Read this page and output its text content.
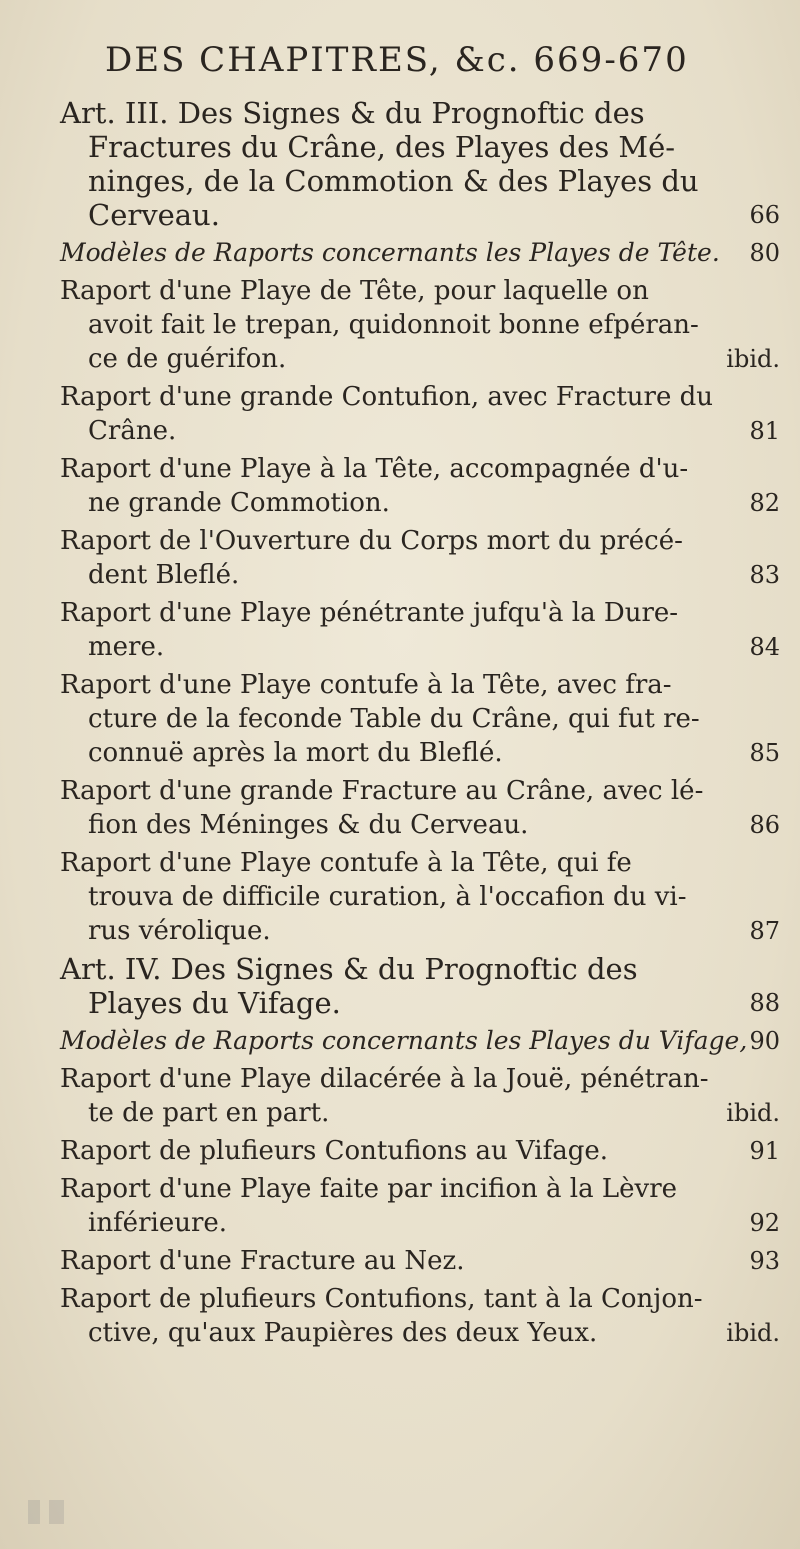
DES CHAPITRES, &c. 669-670
Art. III. Des Signes & du Prognoftic des
Fractures du Crâne, des Playes des Mé-
ninges, de la Commotion & des Playes du
Cerveau.	66
Modèles de Raports concernants les Playes de Tête. 80
Raport d'une Playe de Tête, pour laquelle on
avoit fait le trepan, quidonnoit bonne efpéran-
ce de guérifon.	ibid.
Raport d'une grande Contufion, avec Fracture du
Crâne.	81
Raport d'une Playe à la Tête, accompagnée d'u-
ne grande Commotion.	82
Raport de l'Ouverture du Corps mort du précé-
dent Bleflé.	83
Raport d'une Playe pénétrante jufqu'à la Dure-
mere.	84
Raport d'une Playe contufe à la Tête, avec fra-
cture de la feconde Table du Crâne, qui fut re-
connuë après la mort du Bleflé.	85
Raport d'une grande Fracture au Crâne, avec lé-
fion des Méninges & du Cerveau.	86
Raport d'une Playe contufe à la Tête, qui fe
trouva de difficile curation, à l'occafion du vi-
rus vérolique.	87
Art. IV. Des Signes & du Prognoftic des
Playes du Vifage.	88
Modèles de Raports concernants les Playes du Vifage, 90
Raport d'une Playe dilacérée à la Jouë, pénétran-
te de part en part.	ibid.
Raport de plufieurs Contufions au Vifage.	91
Raport d'une Playe faite par incifion à la Lèvre
inférieure.	92
Raport d'une Fracture au Nez.	93
Raport de plufieurs Contufions, tant à la Conjon-
ctive, qu'aux Paupières des deux Yeux.	ibid.
